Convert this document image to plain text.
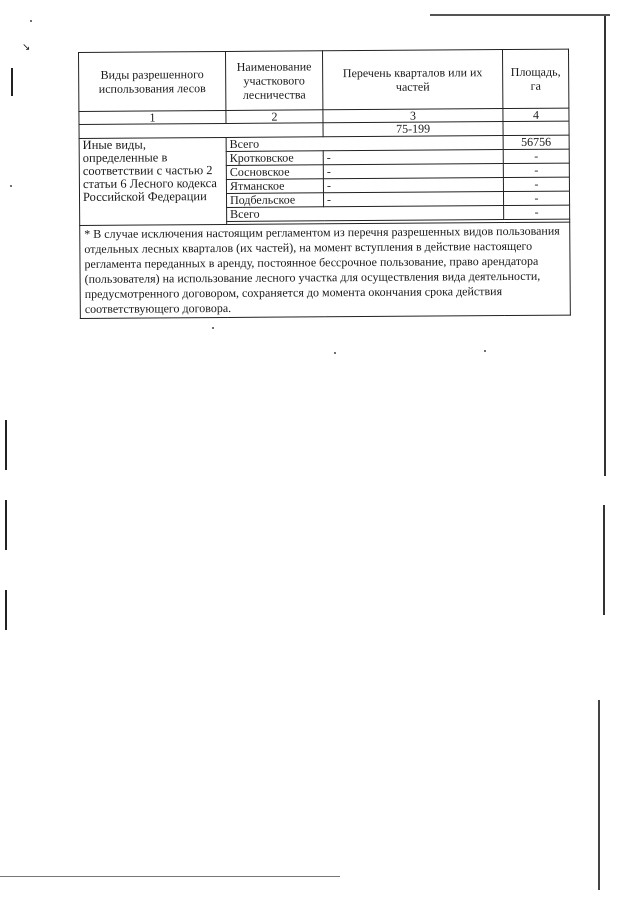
↘
Виды разрешенного использования лесов	Наименование участкового лесничества	Перечень кварталов или их частей	Площадь, га
1	2	3	4
		75-199	
Иные виды, определенные в соответствии с частью 2 статьи 6 Лесного кодекса Российской Федерации	Всего		56756
	Кротковское	-	-
	Сосновское	-	-
	Ятманское	-	-
	Подбельское	-	-
	Всего		-

* В случае исключения настоящим регламентом из перечня разрешенных видов пользования отдельных лесных кварталов (их частей), на момент вступления в действие настоящего регламента переданных в аренду, постоянное бессрочное пользование, право арендатора (пользователя) на использование лесного участка для осуществления вида деятельности, предусмотренного договором, сохраняется до момента окончания срока действия соответствующего договора.			
